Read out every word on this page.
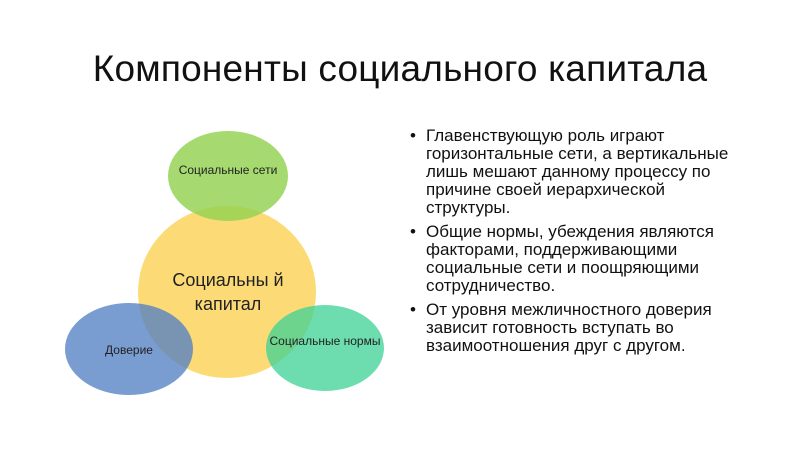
Компоненты социального капитала
Социальны й капитал
Социальные сети
Доверие
Социальные нормы
• Главенствующую роль играют горизонтальные сети, а вертикальные лишь мешают данному процессу по причине своей иерархической структуры.
• Общие нормы, убеждения являются факторами, поддерживающими социальные сети и поощряющими сотрудничество.
• От уровня межличностного доверия зависит готовность вступать во взаимоотношения друг с другом.
